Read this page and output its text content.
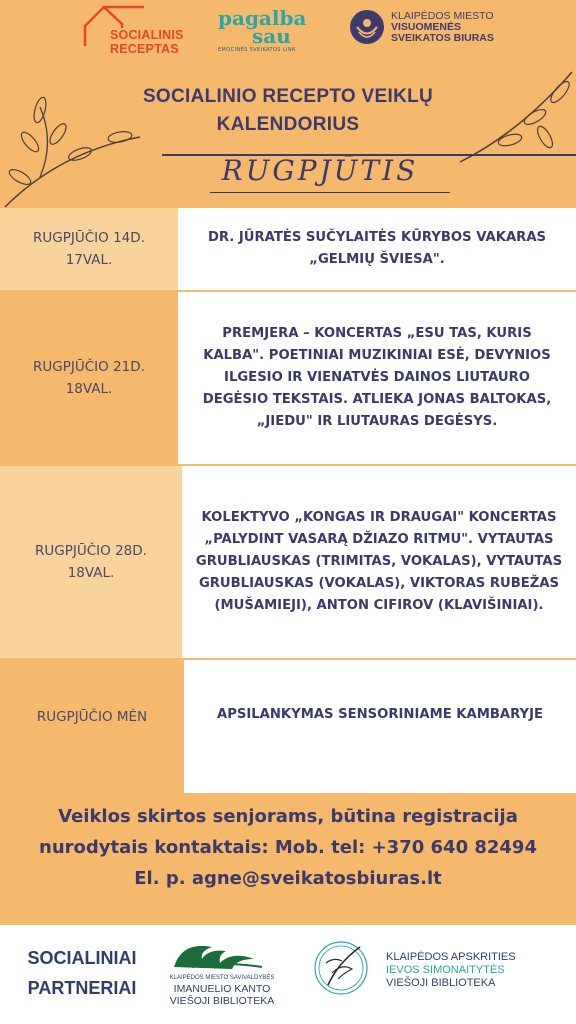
SOCIALINIS
RECEPTAS
pagalba
sau
EMOCINĖS SVEIKATOS LINK
KLAIPĖDOS MIESTO
VISUOMENĖS
SVEIKATOS BIURAS
SOCIALINIO RECEPTO VEIKLŲ
KALENDORIUS
RUGPJŪTIS
RUGPJŪČIO 14D.
17VAL.
DR. JŪRATĖS SUČYLAITĖS KŪRYBOS VAKARAS „GELMIŲ ŠVIESA".
RUGPJŪČIO 21D.
18VAL.
PREMJERA – KONCERTAS „ESU TAS, KURIS KALBA". POETINIAI MUZIKINIAI ESĖ, DEVYNIOS ILGESIO IR VIENATVĖS DAINOS LIUTAURO DEGĖSIO TEKSTAIS. ATLIEKA JONAS BALTOKAS, „JIEDU" IR LIUTAURAS DEGĖSYS.
RUGPJŪČIO 28D.
18VAL.
KOLEKTYVO „KONGAS IR DRAUGAI" KONCERTAS „PALYDINT VASARĄ DŽIAZO RITMU". VYTAUTAS GRUBLIAUSKAS (TRIMITAS, VOKALAS), VYTAUTAS GRUBLIAUSKAS (VOKALAS), VIKTORAS RUBEŽAS (MUŠAMIEJI), ANTON CIFIROV (KLAVIŠINIAI).
RUGPJŪČIO MĖN	APSILANKYMAS SENSORINIAME KAMBARYJE
Veiklos skirtos senjorams, būtina registracija
nurodytais kontaktais: Mob. tel: +370 640 82494
El. p. agne@sveikatosbiuras.lt
SOCIALINIAI
PARTNERIAI	KLAIPĖDOS MIESTO SAVIVALDYBĖS
IMANUELIO KANTO
VIEŠOJI BIBLIOTEKA
KLAIPĖDOS APSKRITIES
IEVOS SIMONAITYTĖS
VIEŠOJI BIBLIOTEKA
